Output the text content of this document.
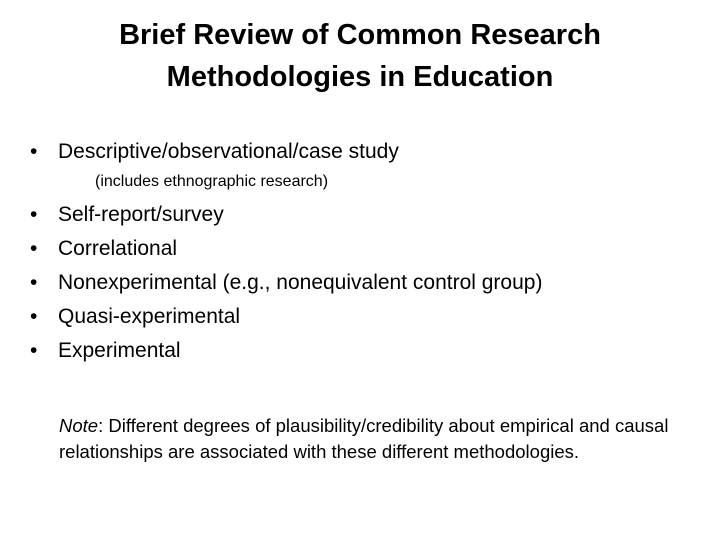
Brief Review of Common Research
Methodologies in Education
• Descriptive/observational/case study
(includes ethnographic research)
• Self-report/survey
• Correlational
• Nonexperimental (e.g., nonequivalent control group)
• Quasi-experimental
• Experimental
Note: Different degrees of plausibility/credibility about empirical and causal relationships are associated with these different methodologies.
